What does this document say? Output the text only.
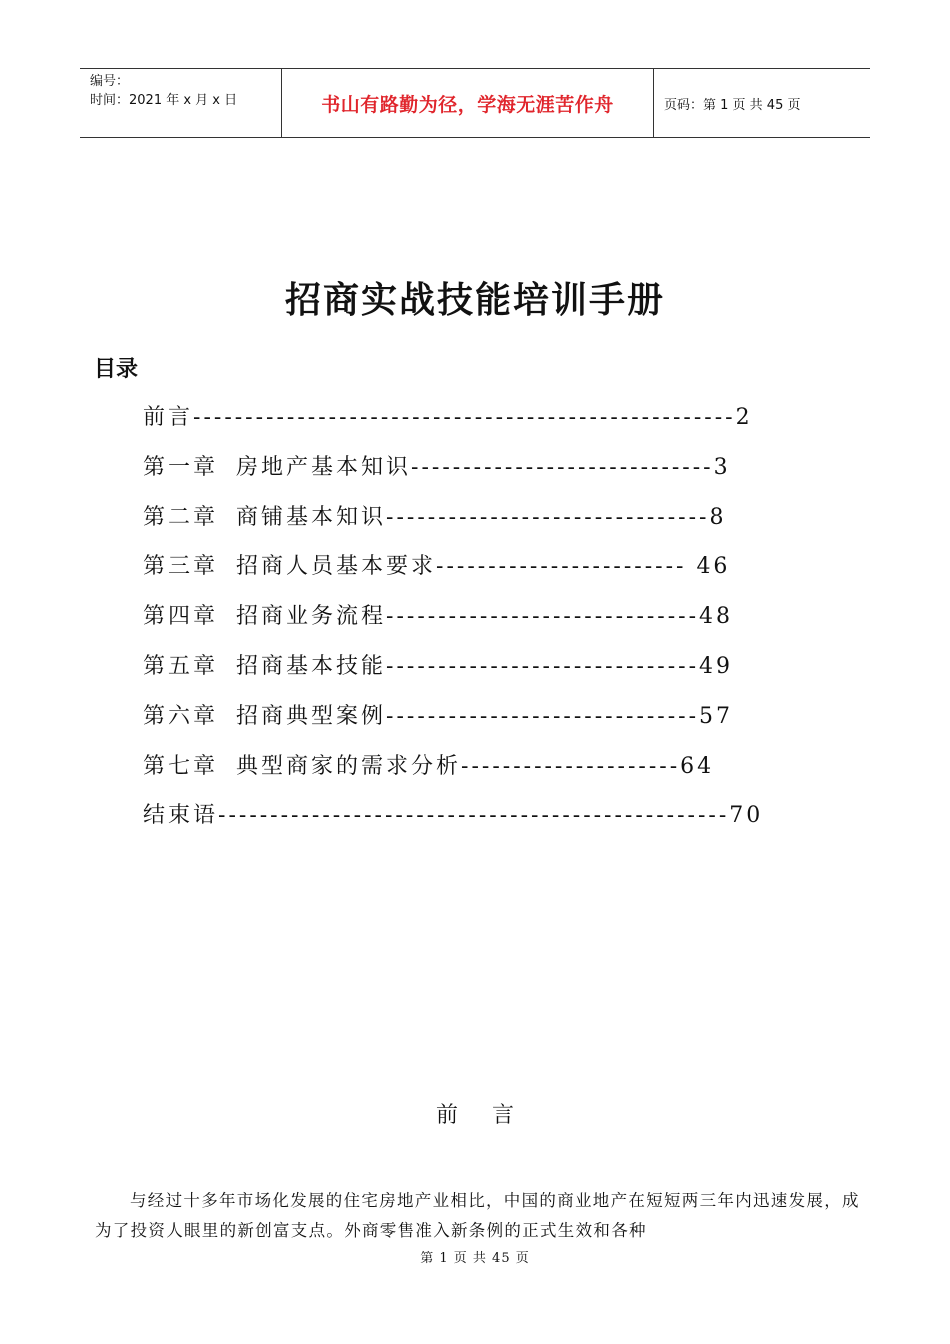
编号：
时间：2021 年 x 月 x 日	书山有路勤为径，学海无涯苦作舟	页码：第 1 页 共 45 页
招商实战技能培训手册
目录
前言----------------------------------------------------2
第一章 房地产基本知识-----------------------------3
第二章 商铺基本知识-------------------------------8
第三章 招商人员基本要求------------------------ 46
第四章 招商业务流程------------------------------48
第五章 招商基本技能------------------------------49
第六章 招商典型案例------------------------------57
第七章 典型商家的需求分析---------------------64
结束语-------------------------------------------------70
前言
与经过十多年市场化发展的住宅房地产业相比，中国的商业地产在短短两三年内迅速发展，成为了投资人眼里的新创富支点。外商零售准入新条例的正式生效和各种
第 1 页 共 45 页
